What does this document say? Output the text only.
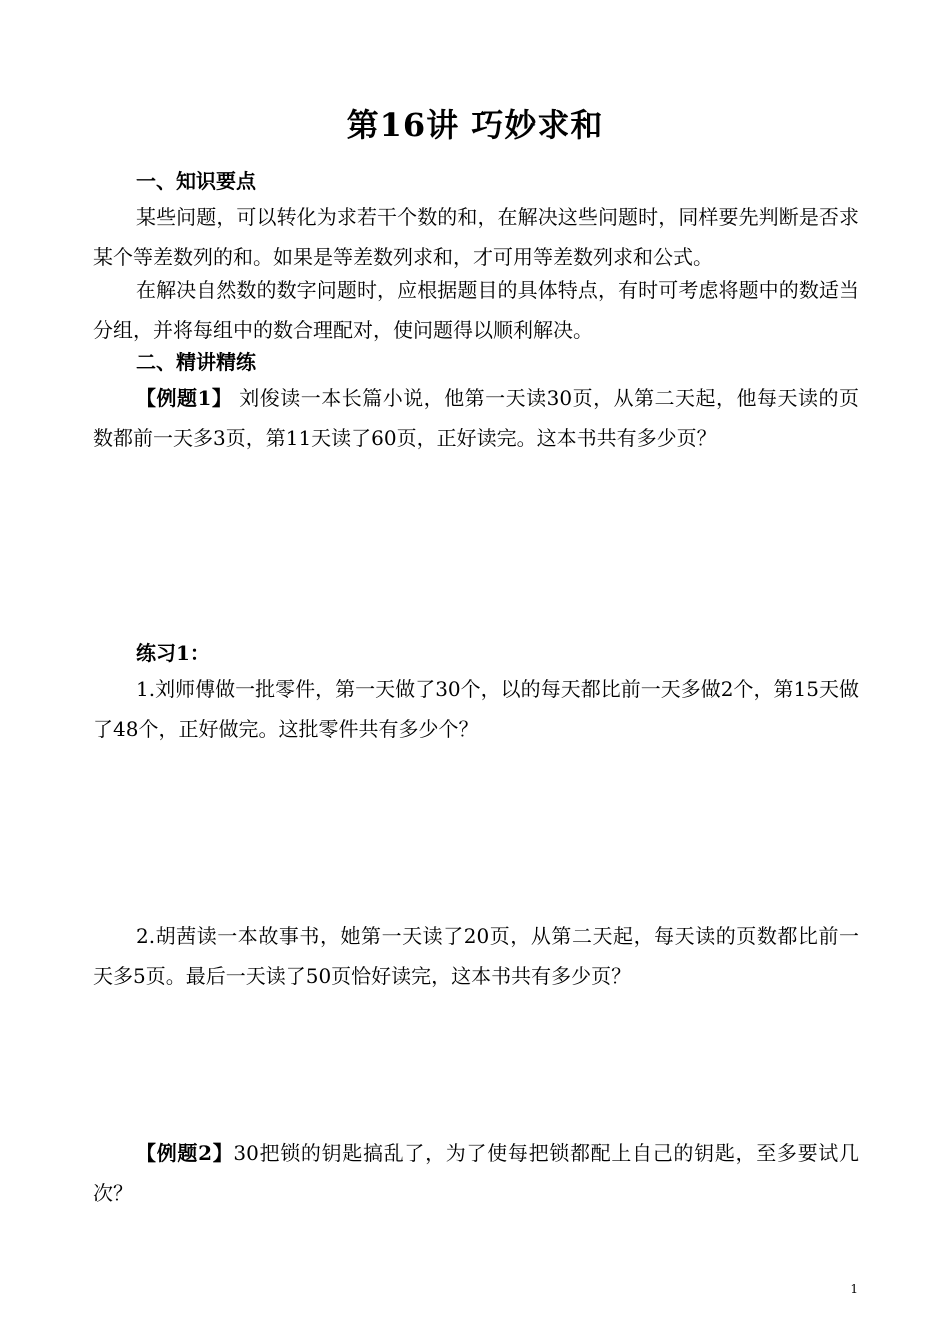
第16讲 巧妙求和
一、知识要点
某些问题，可以转化为求若干个数的和，在解决这些问题时，同样要先判断是否求某个等差数列的和。如果是等差数列求和，才可用等差数列求和公式。
在解决自然数的数字问题时，应根据题目的具体特点，有时可考虑将题中的数适当分组，并将每组中的数合理配对，使问题得以顺利解决。
二、精讲精练
【例题1】 刘俊读一本长篇小说，他第一天读30页，从第二天起，他每天读的页数都前一天多3页，第11天读了60页，正好读完。这本书共有多少页？
练习1：
1.刘师傅做一批零件，第一天做了30个，以的每天都比前一天多做2个，第15天做了48个，正好做完。这批零件共有多少个？
2.胡茜读一本故事书，她第一天读了20页，从第二天起，每天读的页数都比前一天多5页。最后一天读了50页恰好读完，这本书共有多少页？
【例题2】30把锁的钥匙搞乱了，为了使每把锁都配上自己的钥匙，至多要试几次？
1
